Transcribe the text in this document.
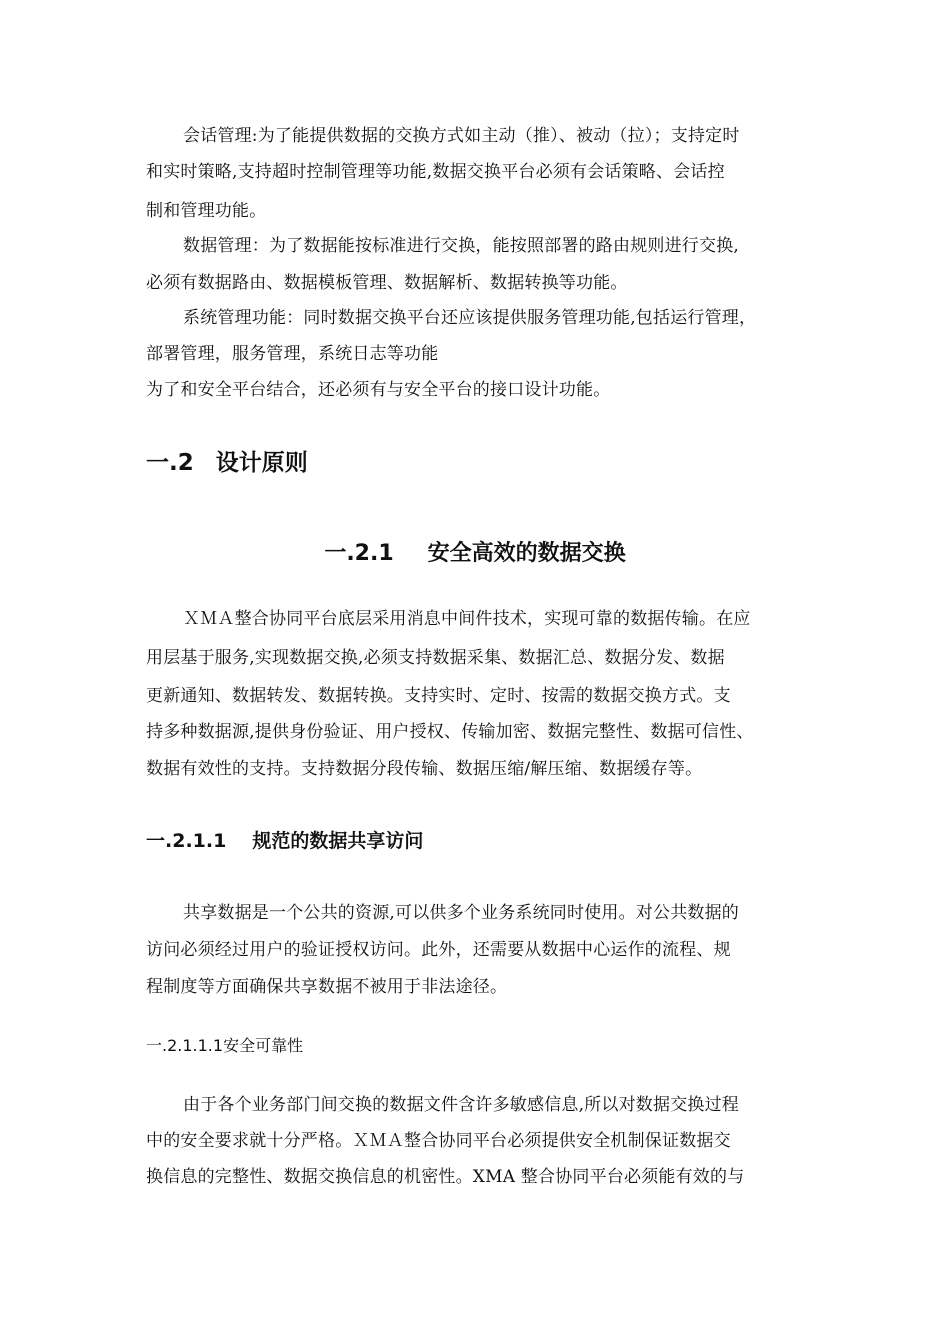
会话管理:为了能提供数据的交换方式如主动（推）、被动（拉）；支持定时
和实时策略,支持超时控制管理等功能,数据交换平台必须有会话策略、会话控
制和管理功能。
数据管理：为了数据能按标准进行交换，能按照部署的路由规则进行交换,
必须有数据路由、数据模板管理、数据解析、数据转换等功能。
系统管理功能：同时数据交换平台还应该提供服务管理功能,包括运行管理，
部署管理，服务管理，系统日志等功能
为了和安全平台结合，还必须有与安全平台的接口设计功能。
一.2 设计原则
一.2.1 安全高效的数据交换
ＸＭＡ整合协同平台底层采用消息中间件技术，实现可靠的数据传输。在应
用层基于服务,实现数据交换,必须支持数据采集、数据汇总、数据分发、数据
更新通知、数据转发、数据转换。支持实时、定时、按需的数据交换方式。支
持多种数据源,提供身份验证、用户授权、传输加密、数据完整性、数据可信性、
数据有效性的支持。支持数据分段传输、数据压缩/解压缩、数据缓存等。
一.2.1.1 规范的数据共享访问
共享数据是一个公共的资源,可以供多个业务系统同时使用。对公共数据的
访问必须经过用户的验证授权访问。此外，还需要从数据中心运作的流程、规
程制度等方面确保共享数据不被用于非法途径。
一.2.1.1.1安全可靠性
由于各个业务部门间交换的数据文件含许多敏感信息,所以对数据交换过程
中的安全要求就十分严格。ＸＭＡ整合协同平台必须提供安全机制保证数据交
换信息的完整性、数据交换信息的机密性。XMA 整合协同平台必须能有效的与
